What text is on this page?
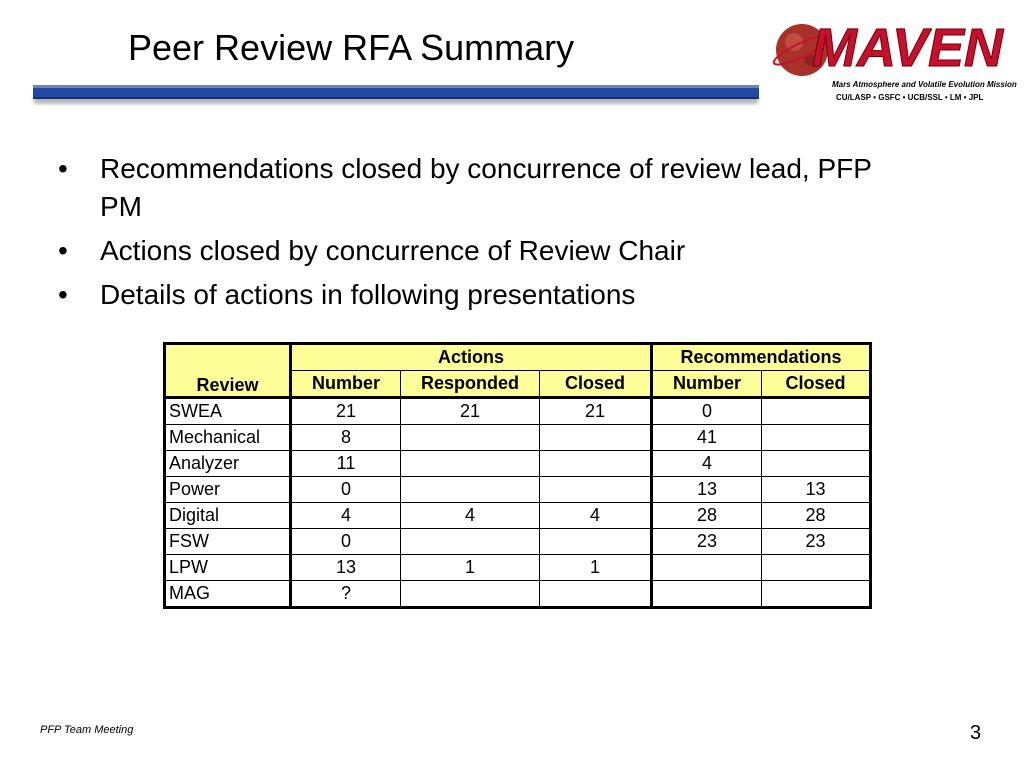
Peer Review RFA Summary	MAVEN
Mars Atmosphere and Volatile Evolution Mission
CU/LASP • GSFC • UCB/SSL • LM • JPL
•	Recommendations closed by concurrence of review lead, PFP PM
•	Actions closed by concurrence of Review Chair
•	Details of actions in following presentations
Review	Actions			Recommendations	
	Number	Responded	Closed	Number	Closed
SWEA	21	21	21	0	
Mechanical	8			41	
Analyzer	11			4	
Power	0			13	13
Digital	4	4	4	28	28
FSW	0			23	23
LPW	13	1	1		
MAG	?				
PFP Team Meeting	3
